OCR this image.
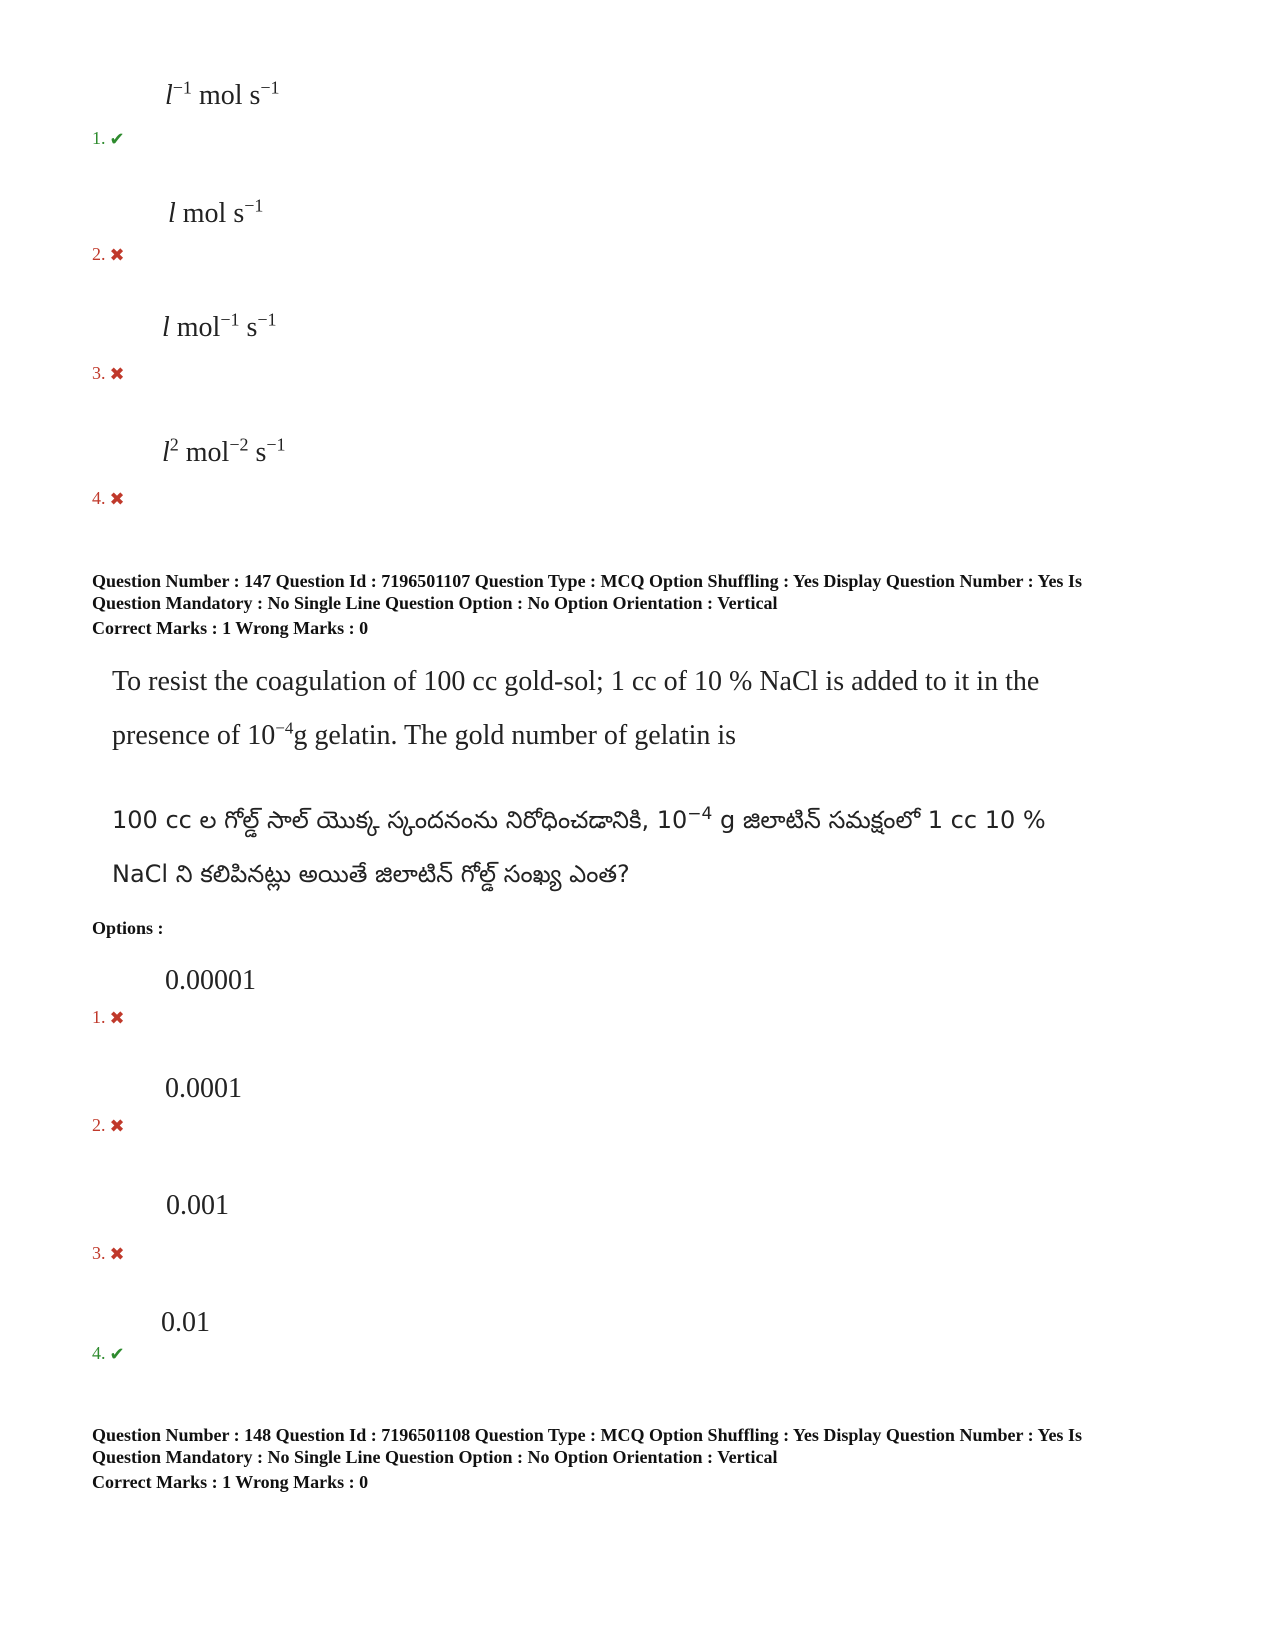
$l^{-1}$ mol $s^{-1}$
1. ✔
l mol $s^{-1}$
2. ✖
l mol$^{-1}$ $s^{-1}$
3. ✖
$l^2$ mol$^{-2}$ $s^{-1}$
4. ✖
Question Number : 147 Question Id : 7196501107 Question Type : MCQ Option Shuffling : Yes Display Question Number : Yes Is
Question Mandatory : No Single Line Question Option : No Option Orientation : Vertical
Correct Marks : 1 Wrong Marks : 0
To resist the coagulation of 100 cc gold-sol; 1 cc of 10 % NaCl is added to it in the
presence of $10^{-4}g$ gelatin. The gold number of gelatin is
100 cc ల గోల్డ్ సాల్ యొక్క స్కందనంను నిరోధించడానికి, $10^{-4}$ g జిలాటిన్ సమక్షంలో 1 cc 10 %
NaCl ని కలిపినట్లు అయితే జిలాటిన్ గోల్డ్ సంఖ్య ఎంత?
Options :
0.00001
1. ✖
0.0001
2. ✖
0.001
3. ✖
0.01
4. ✔
Question Number : 148 Question Id : 7196501108 Question Type : MCQ Option Shuffling : Yes Display Question Number : Yes Is
Question Mandatory : No Single Line Question Option : No Option Orientation : Vertical
Correct Marks : 1 Wrong Marks : 0
